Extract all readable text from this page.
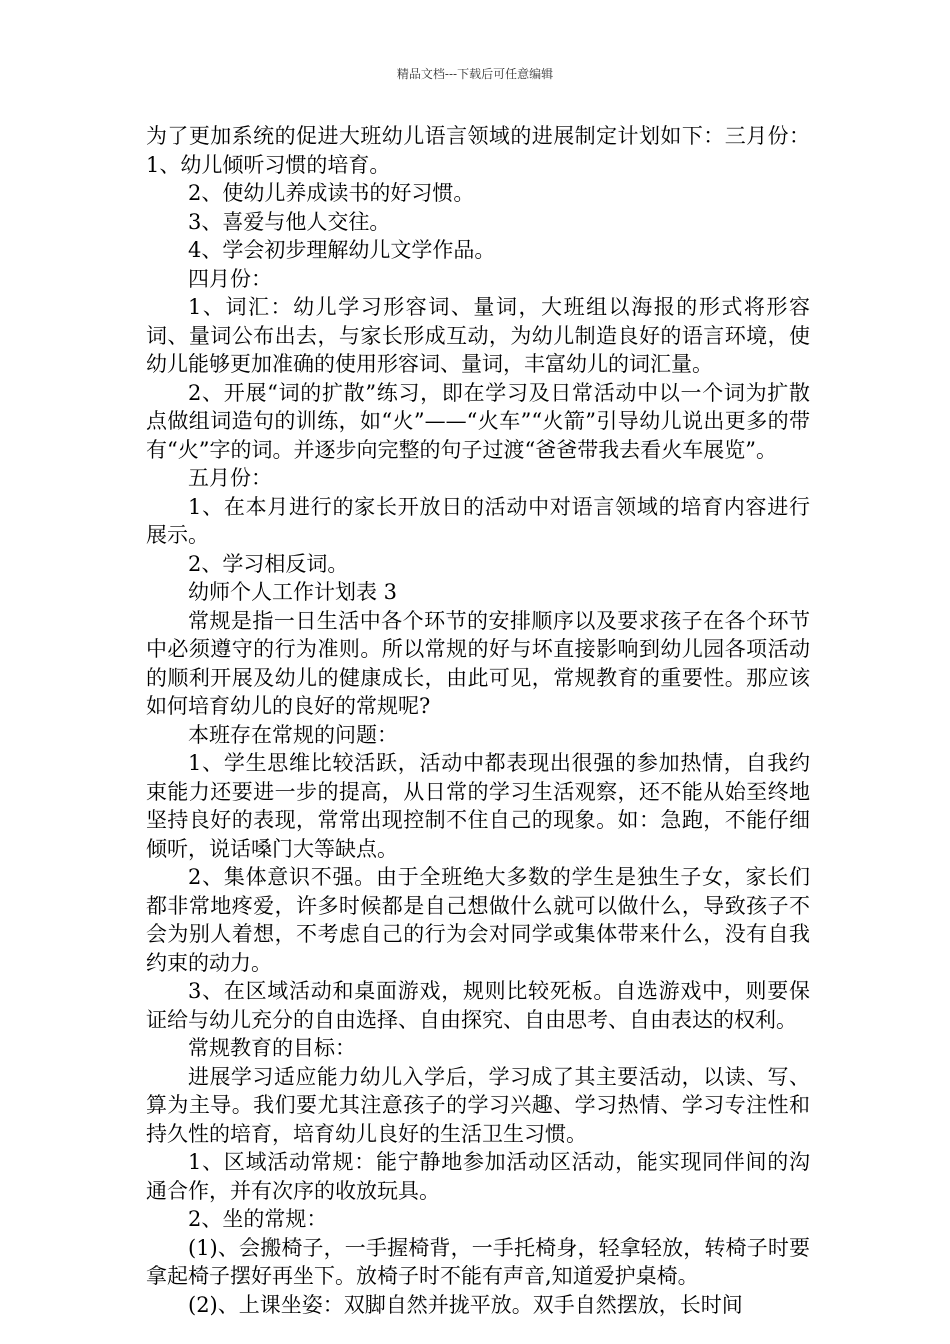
精品文档---下载后可任意编辑

为了更加系统的促进大班幼儿语言领域的进展制定计划如下：三月份：1、幼儿倾听习惯的培育。

2、使幼儿养成读书的好习惯。

3、喜爱与他人交往。

4、学会初步理解幼儿文学作品。

四月份：

1、词汇：幼儿学习形容词、量词，大班组以海报的形式将形容词、量词公布出去，与家长形成互动，为幼儿制造良好的语言环境，使幼儿能够更加准确的使用形容词、量词，丰富幼儿的词汇量。

2、开展“词的扩散”练习，即在学习及日常活动中以一个词为扩散点做组词造句的训练，如“火”——“火车”“火箭”引导幼儿说出更多的带有“火”字的词。并逐步向完整的句子过渡“爸爸带我去看火车展览”。

五月份：

1、在本月进行的家长开放日的活动中对语言领域的培育内容进行展示。

2、学习相反词。

幼师个人工作计划表 3

常规是指一日生活中各个环节的安排顺序以及要求孩子在各个环节中必须遵守的行为准则。所以常规的好与坏直接影响到幼儿园各项活动的顺利开展及幼儿的健康成长，由此可见，常规教育的重要性。那应该如何培育幼儿的良好的常规呢?

本班存在常规的问题：

1、学生思维比较活跃，活动中都表现出很强的参加热情，自我约束能力还要进一步的提高，从日常的学习生活观察，还不能从始至终地坚持良好的表现，常常出现控制不住自己的现象。如：急跑，不能仔细倾听，说话嗓门大等缺点。

2、集体意识不强。由于全班绝大多数的学生是独生子女，家长们都非常地疼爱，许多时候都是自己想做什么就可以做什么，导致孩子不会为别人着想，不考虑自己的行为会对同学或集体带来什么，没有自我约束的动力。

3、在区域活动和桌面游戏，规则比较死板。自选游戏中，则要保证给与幼儿充分的自由选择、自由探究、自由思考、自由表达的权利。

常规教育的目标：

进展学习适应能力幼儿入学后，学习成了其主要活动，以读、写、算为主导。我们要尤其注意孩子的学习兴趣、学习热情、学习专注性和持久性的培育，培育幼儿良好的生活卫生习惯。

1、区域活动常规：能宁静地参加活动区活动，能实现同伴间的沟通合作，并有次序的收放玩具。

2、坐的常规：

(1)、会搬椅子，一手握椅背，一手托椅身，轻拿轻放，转椅子时要拿起椅子摆好再坐下。放椅子时不能有声音,知道爱护桌椅。

(2)、上课坐姿：双脚自然并拢平放。双手自然摆放，长时间
